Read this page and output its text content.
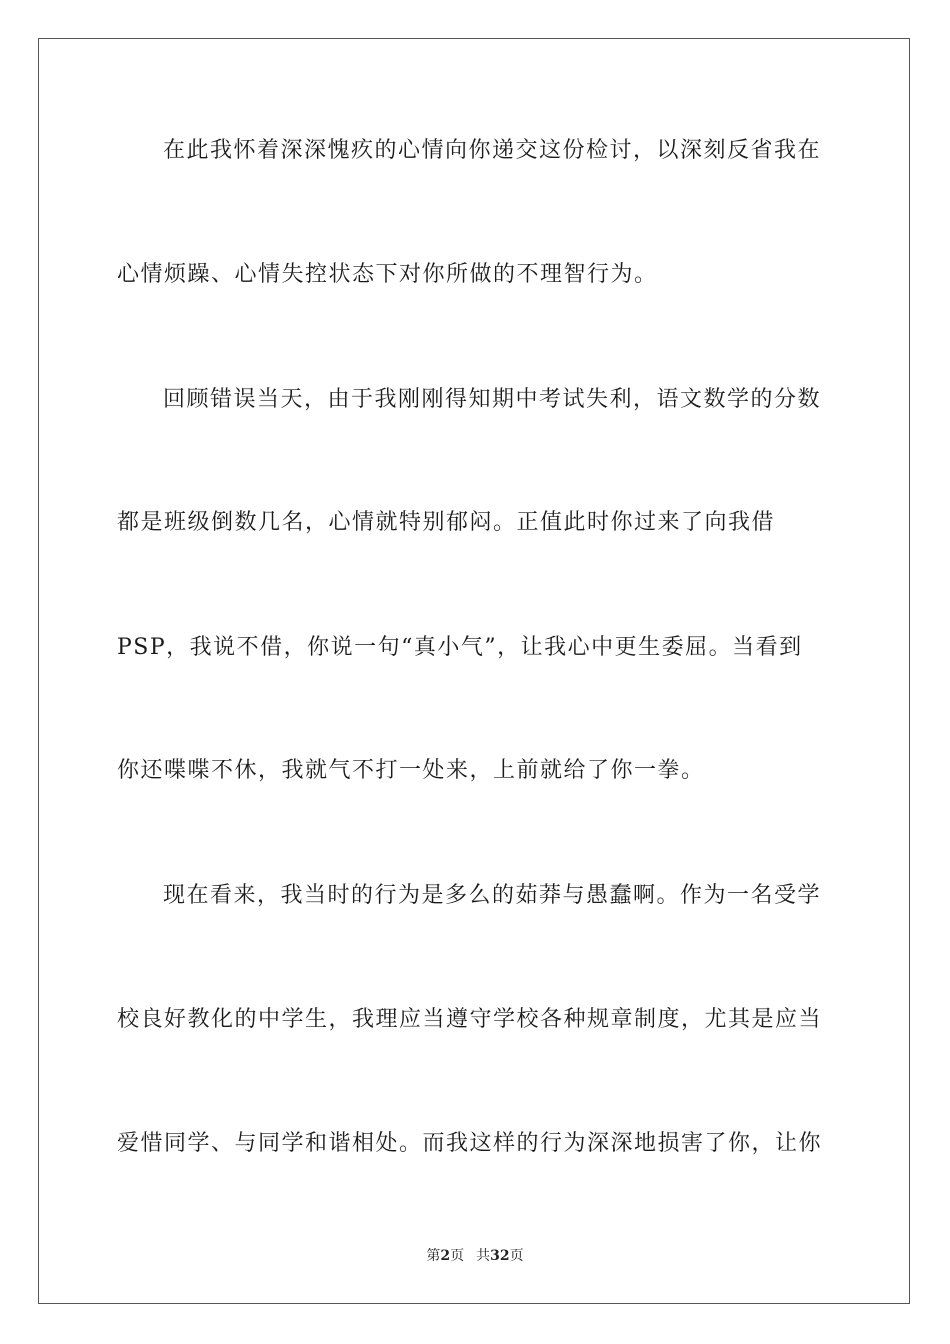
在此我怀着深深愧疚的心情向你递交这份检讨，以深刻反省我在
心情烦躁、心情失控状态下对你所做的不理智行为。
回顾错误当天，由于我刚刚得知期中考试失利，语文数学的分数
都是班级倒数几名，心情就特别郁闷。正值此时你过来了向我借
PSP，我说不借，你说一句“真小气”，让我心中更生委屈。当看到
你还喋喋不休，我就气不打一处来，上前就给了你一拳。
现在看来，我当时的行为是多么的茹莽与愚蠢啊。作为一名受学
校良好教化的中学生，我理应当遵守学校各种规章制度，尤其是应当
爱惜同学、与同学和谐相处。而我这样的行为深深地损害了你，让你
第2页 共32页
